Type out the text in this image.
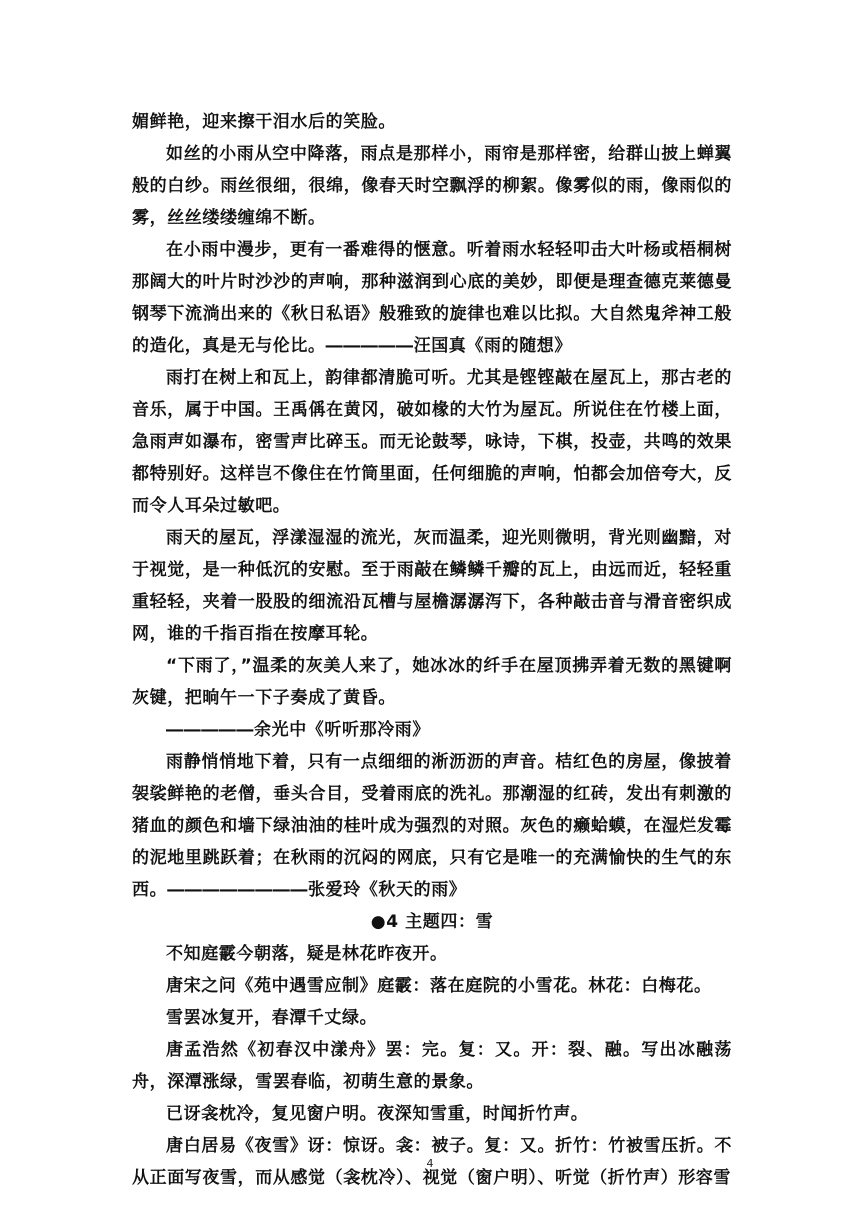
媚鲜艳，迎来擦干泪水后的笑脸。

如丝的小雨从空中降落，雨点是那样小，雨帘是那样密，给群山披上蝉翼般的白纱。雨丝很细，很绵，像春天时空飘浮的柳絮。像雾似的雨，像雨似的雾，丝丝缕缕缠绵不断。

在小雨中漫步，更有一番难得的惬意。听着雨水轻轻叩击大叶杨或梧桐树那阔大的叶片时沙沙的声响，那种滋润到心底的美妙，即便是理查德克莱德曼钢琴下流淌出来的《秋日私语》般雅致的旋律也难以比拟。大自然鬼斧神工般的造化，真是无与伦比。―――――汪国真《雨的随想》

雨打在树上和瓦上，韵律都清脆可听。尤其是铿铿敲在屋瓦上，那古老的音乐，属于中国。王禹偁在黄冈，破如椽的大竹为屋瓦。所说住在竹楼上面，急雨声如瀑布，密雪声比碎玉。而无论鼓琴，咏诗，下棋，投壶，共鸣的效果都特别好。这样岂不像住在竹筒里面，任何细脆的声响，怕都会加倍夸大，反而令人耳朵过敏吧。

雨天的屋瓦，浮漾湿湿的流光，灰而温柔，迎光则微明，背光则幽黯，对于视觉，是一种低沉的安慰。至于雨敲在鳞鳞千瓣的瓦上，由远而近，轻轻重重轻轻，夹着一股股的细流沿瓦槽与屋檐潺潺泻下，各种敲击音与滑音密织成网，谁的千指百指在按摩耳轮。

“下雨了，”温柔的灰美人来了，她冰冰的纤手在屋顶拂弄着无数的黑键啊灰键，把晌午一下子奏成了黄昏。

―――――余光中《听听那冷雨》

雨静悄悄地下着，只有一点细细的淅沥沥的声音。桔红色的房屋，像披着袈裟鲜艳的老僧，垂头合目，受着雨底的洗礼。那潮湿的红砖，发出有刺激的猪血的颜色和墙下绿油油的桂叶成为强烈的对照。灰色的癞蛤蟆，在湿烂发霉的泥地里跳跃着；在秋雨的沉闷的网底，只有它是唯一的充满愉快的生气的东西。――――――――张爱玲《秋天的雨》

●4 主题四：雪

不知庭霰今朝落，疑是林花昨夜开。

唐宋之问《苑中遇雪应制》庭霰：落在庭院的小雪花。林花：白梅花。

雪罢冰复开，春潭千丈绿。

唐孟浩然《初春汉中漾舟》罢：完。复：又。开：裂、融。写出冰融荡舟，深潭涨绿，雪罢春临，初萌生意的景象。

已讶衾枕冷，复见窗户明。夜深知雪重，时闻折竹声。

唐白居易《夜雪》讶：惊讶。衾：被子。复：又。折竹：竹被雪压折。不从正面写夜雪，而从感觉（衾枕冷）、视觉（窗户明）、听觉（折竹声）形容雪

4
